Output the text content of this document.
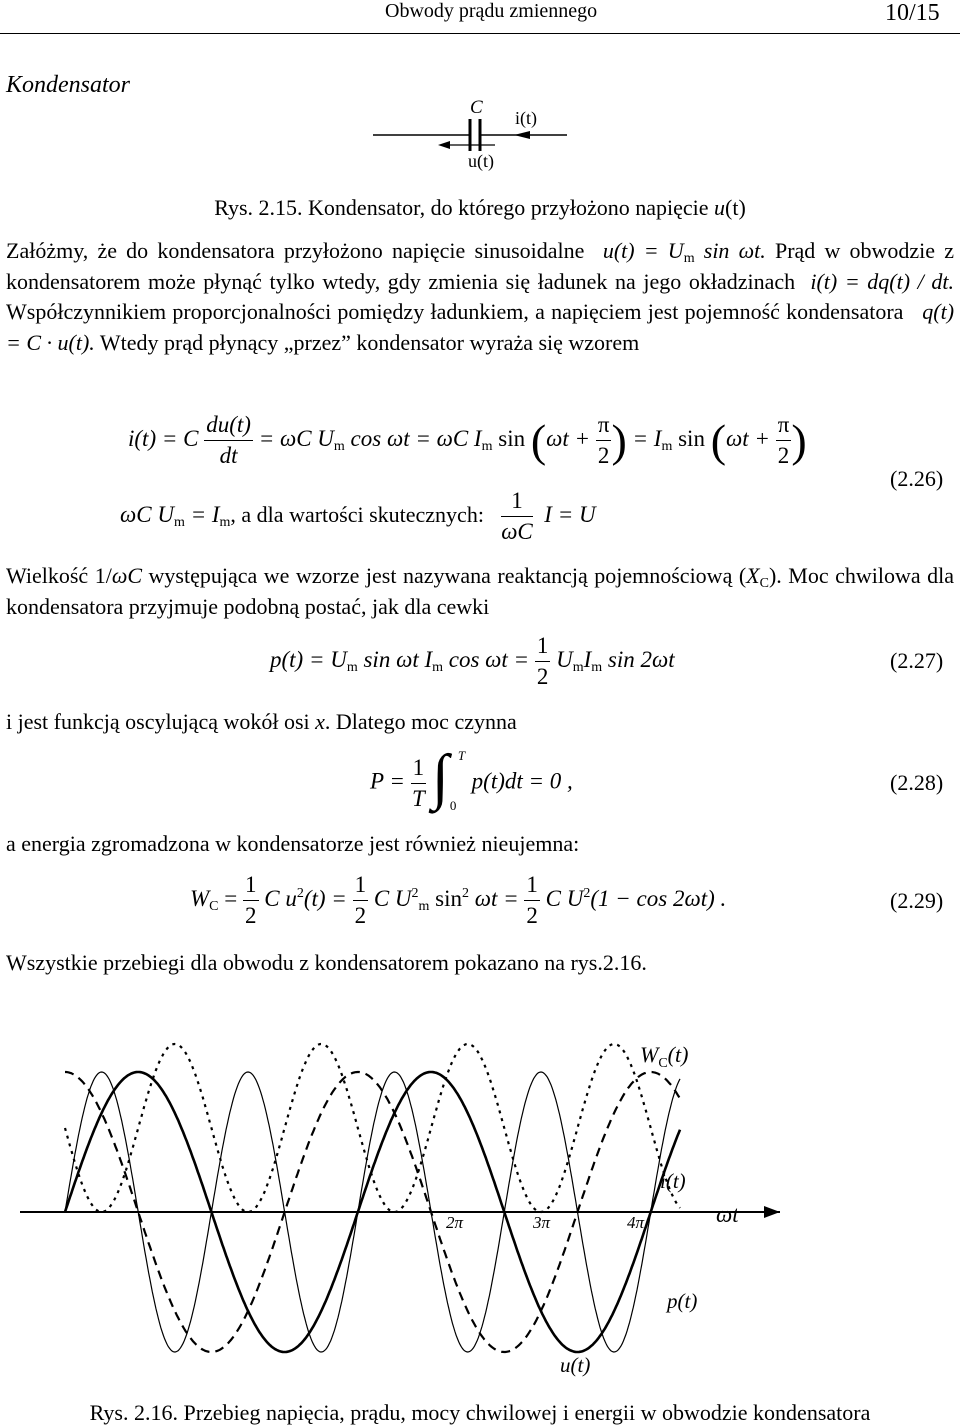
Obwody prądu zmiennego	10/15
Kondensator
C i(t)
u(t)
Rys. 2.15. Kondensator, do którego przyłożono napięcie u(t)
Załóżmy, że do kondensatora przyłożono napięcie sinusoidalne $u(t) = U_m$ sin ωt. Prąd w obwodzie z kondensatorem może płynąć tylko wtedy, gdy zmienia się ładunek na jego okładzinach i(t) = dq(t) / dt. Współczynnikiem proporcjonalności pomiędzy ładunkiem, a napięciem jest pojemność kondensatora q(t) = C · u(t). Wtedy prąd płynący „przez” kondensator wyraża się wzorem
i(t) = C $\frac{du(t)}{dt} = \omega C$ $U_m$ cos ωt = ωC $I_m$ $\sin (\omega t + \frac{\pi}{2}$ ) = $I_m$ $\sin (\omega t + \frac{\pi}{2}$ )
ωC $U_m = I_m$, a dla wartości skutecznych: $\frac{1}{\omega C}$ I = U
(2.26)
Wielkość 1/ωC występująca we wzorze jest nazywana reaktancją pojemnościową $(X_C)$. Moc chwilowa dla kondensatora przyjmuje podobną postać, jak dla cewki
$p(t) = U_m$ sin ωt $I_m$ $\cos \omega t = \frac{1}{2} U_mI_m$ sin 2ωt	(2.27)
i jest funkcją oscylującą wokół osi x. Dlatego moc czynna
$P = \frac{1}{T}$
∫ T
0
p(t)dt = 0 ,	(2.28)
a energia zgromadzona w kondensatorze jest również nieujemna:
$W_C = \frac{1}{2}$ C $u^2(t) = \frac{1}{2}$ C $U^2_m$ $\sin^2 \omega t = \frac{1}{2}$ C $U^2(1 - \cos 2\omega t)$ .	(2.29)
Wszystkie przebiegi dla obwodu z kondensatorem pokazano na rys.2.16.
2π	3π	4π	ωt
$W_C(t)$
i(t)
p(t)
u(t)
Rys. 2.16. Przebieg napięcia, prądu, mocy chwilowej i energii w obwodzie kondensatora
